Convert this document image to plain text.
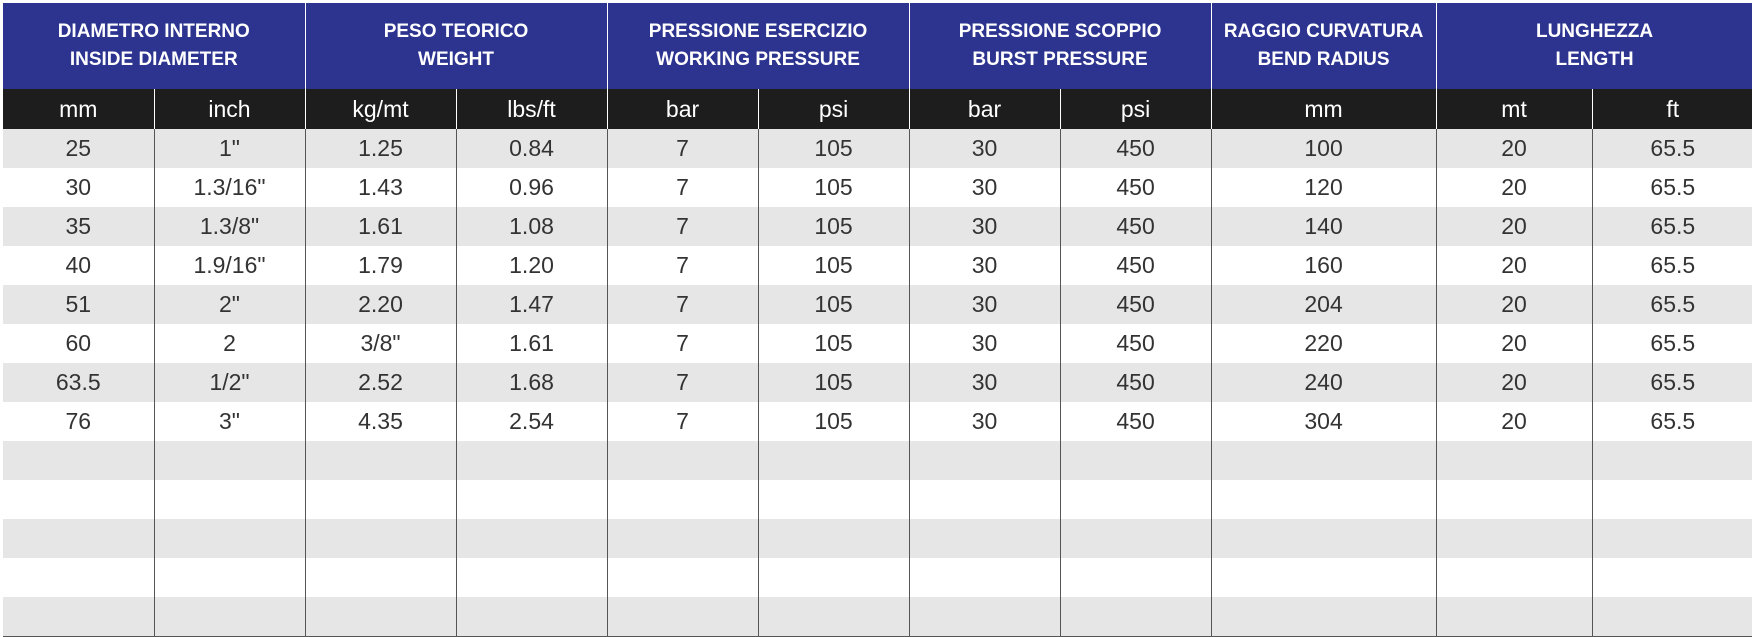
DIAMETRO INTERNO
INSIDE DIAMETER		PESO TEORICO
WEIGHT		PRESSIONE ESERCIZIO
WORKING PRESSURE		PRESSIONE SCOPPIO
BURST PRESSURE		RAGGIO CURVATURA
BEND RADIUS	LUNGHEZZA
LENGTH	

mm	inch	kg/mt	lbs/ft	bar	psi	bar	psi	mm	mt	ft
25	1"	1.25	0.84	7	105	30	450	100	20	65.5
30	1.3/16"	1.43	0.96	7	105	30	450	120	20	65.5
35	1.3/8"	1.61	1.08	7	105	30	450	140	20	65.5
40	1.9/16"	1.79	1.20	7	105	30	450	160	20	65.5
51	2"	2.20	1.47	7	105	30	450	204	20	65.5
60	2	3/8"	1.61	7	105	30	450	220	20	65.5
63.5	1/2"	2.52	1.68	7	105	30	450	240	20	65.5
76	3"	4.35	2.54	7	105	30	450	304	20	65.5
